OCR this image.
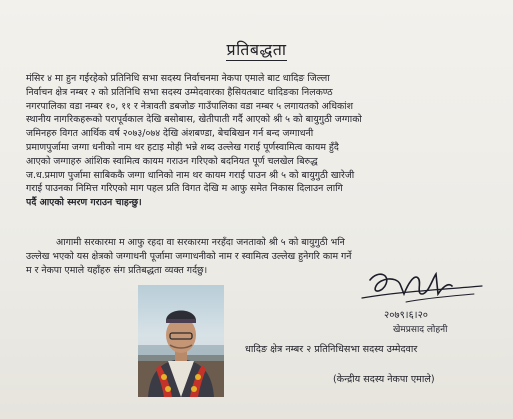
प्रतिबद्धता
मंसिर ४ मा हुन गईरहेको प्रतिनिधि सभा सदस्य निर्वाचनमा नेकपा एमाले बाट धादिङ जिल्ला
निर्वाचन क्षेत्र नम्बर २ को प्रतिनिधि सभा सदस्य उम्मेदवारका हैसियतबाट धादिङका निलकण्ठ
नगरपालिका वडा नम्बर १०, ११ र नेत्रावती डबजोङ गाउँपालिका वडा नम्बर ५ लगायतको अधिकांश
स्थानीय नागरिकहरूको परापूर्वकाल देखि बसोबास, खेतीपाती गर्दै आएको श्री ५ को बायुगुठी जग्गाको
जमिनहरु विगत आर्थिक वर्ष २०७३/०७४ देखि अंशबण्डा, बेचबिखन गर्न बन्द जग्गाधनी
प्रमाणपुर्जामा जग्गा धनीको नाम थर हटाइ मोही भन्ने शब्द उल्लेख गराई पूर्णस्वामित्व कायम हुँदै
आएको जग्गाहरु आंशिक स्वामित्व कायम गराउन गरिएको बदनियत पूर्ण चलखेल बिरुद्ध
ज.ध.प्रमाण पुर्जामा साबिककै जग्गा धानिको नाम थर कायम गराई पाउन श्री ५ को बायुगुठी खारेजी
गराई पाउनका निमित्त गरिएको माग पहल प्रति विगत देखि म आफु समेत निकास दिलाउन लागि
पर्दै आएको स्मरण गराउन चाहन्छु।
आगामी सरकारमा म आफु रहदा वा सरकारमा नरहँदा जनताको श्री ५ को बायुगुठी भनि
उल्लेख भएको यस क्षेत्रको जग्गाधनी पूर्जामा जग्गाधनीको नाम र स्वामित्व उल्लेख हुनेगरि काम गर्ने
म र नेकपा एमाले यहाँहरु संग प्रतिबद्धता व्यक्त गर्दछु।
२०७९।६।२०
खेमप्रसाद लोहनी
धादिङ क्षेत्र नम्बर २ प्रतिनिधिसभा सदस्य उम्मेदवार
(केन्द्रीय सदस्य नेकपा एमाले)
